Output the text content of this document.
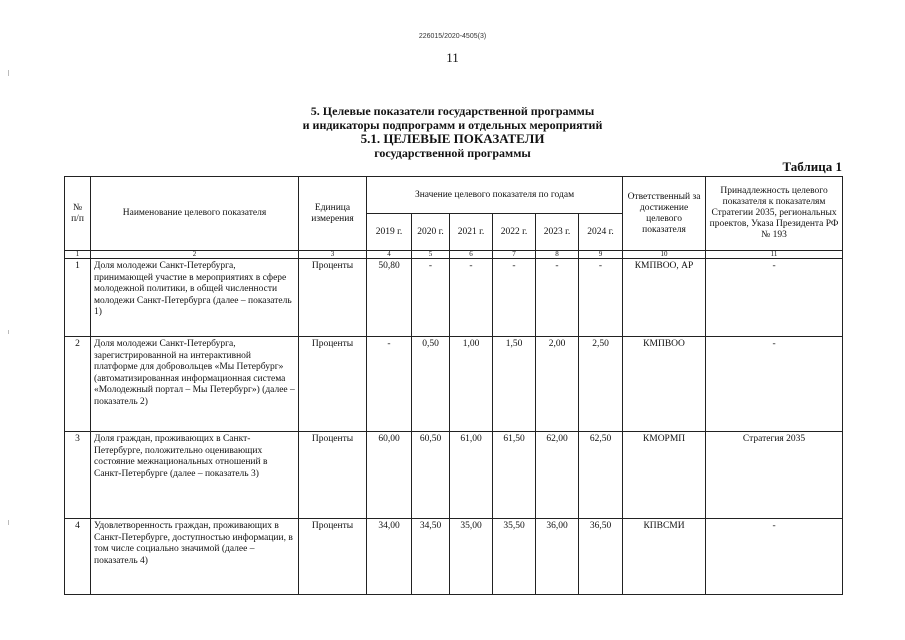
226015/2020-4505(3)
11
5. Целевые показатели государственной программы
и индикаторы подпрограмм и отдельных мероприятий
5.1. ЦЕЛЕВЫЕ ПОКАЗАТЕЛИ
государственной программы
Таблица 1
№ п/п	Наименование целевого показателя	Единица измерения	Значение целевого показателя по годам						Ответственный за достижение целевого показателя	Принадлежность целевого показателя к показателям Стратегии 2035, региональных проектов, Указа Президента РФ № 193
			2019 г.	2020 г.	2021 г.	2022 г.	2023 г.	2024 г.		
1	2	3	4	5	6	7	8	9	10	11
1	Доля молодежи Санкт-Петербурга, принимающей участие в мероприятиях в сфере молодежной политики, в общей численности молодежи Санкт-Петербурга (далее – показатель 1)	Проценты	50,80	-	-	-	-	-	КМПВОО, АР	-
2	Доля молодежи Санкт-Петербурга, зарегистрированной на интерактивной платформе для добровольцев «Мы Петербург» (автоматизированная информационная система «Молодежный портал – Мы Петербург») (далее – показатель 2)	Проценты	-	0,50	1,00	1,50	2,00	2,50	КМПВОО	-
3	Доля граждан, проживающих в Санкт-Петербурге, положительно оценивающих состояние межнациональных отношений в Санкт-Петербурге (далее – показатель 3)	Проценты	60,00	60,50	61,00	61,50	62,00	62,50	КМОРМП	Стратегия 2035
4	Удовлетворенность граждан, проживающих в Санкт-Петербурге, доступностью информации, в том числе социально значимой (далее – показатель 4)	Проценты	34,00	34,50	35,00	35,50	36,00	36,50	КПВСМИ	-
